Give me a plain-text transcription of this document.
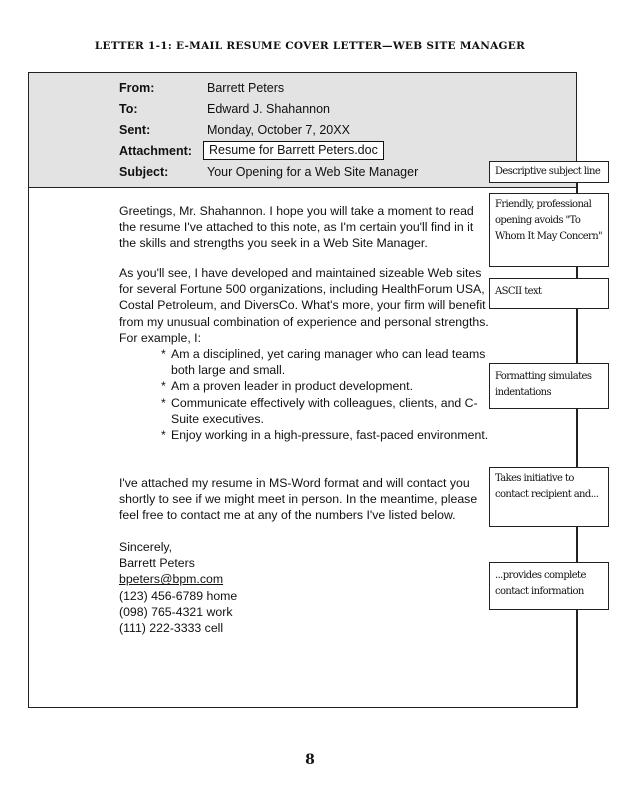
LETTER 1-1: E-MAIL RESUME COVER LETTER—WEB SITE MANAGER
From:	Barrett Peters
To:	Edward J. Shahannon
Sent:	Monday, October 7, 20XX
Attachment:	Resume for Barrett Peters.doc
Subject:	Your Opening for a Web Site Manager
Greetings, Mr. Shahannon. I hope you will take a moment to read the resume I've attached to this note, as I'm certain you'll find in it the skills and strengths you seek in a Web Site Manager.
As you'll see, I have developed and maintained sizeable Web sites for several Fortune 500 organizations, including HealthForum USA, Costal Petroleum, and DiversCo. What's more, your firm will benefit from my unusual combination of experience and personal strengths. For example, I:

* Am a disciplined, yet caring manager who can lead teams both large and small.

* Am a proven leader in product development.

* Communicate effectively with colleagues, clients, and C-Suite executives.

* Enjoy working in a high-pressure, fast-paced environment.

I've attached my resume in MS-Word format and will contact you shortly to see if we might meet in person. In the meantime, please feel free to contact me at any of the numbers I've listed below.
Sincerely,
Barrett Peters
bpeters@bpm.com
(123) 456-6789 home
(098) 765-4321 work
(111) 222-3333 cell
Descriptive subject line
Friendly, professional opening avoids "To Whom It May Concern"
ASCII text
Formatting simulates indentations
Takes initiative to contact recipient and...
...provides complete contact information
8
